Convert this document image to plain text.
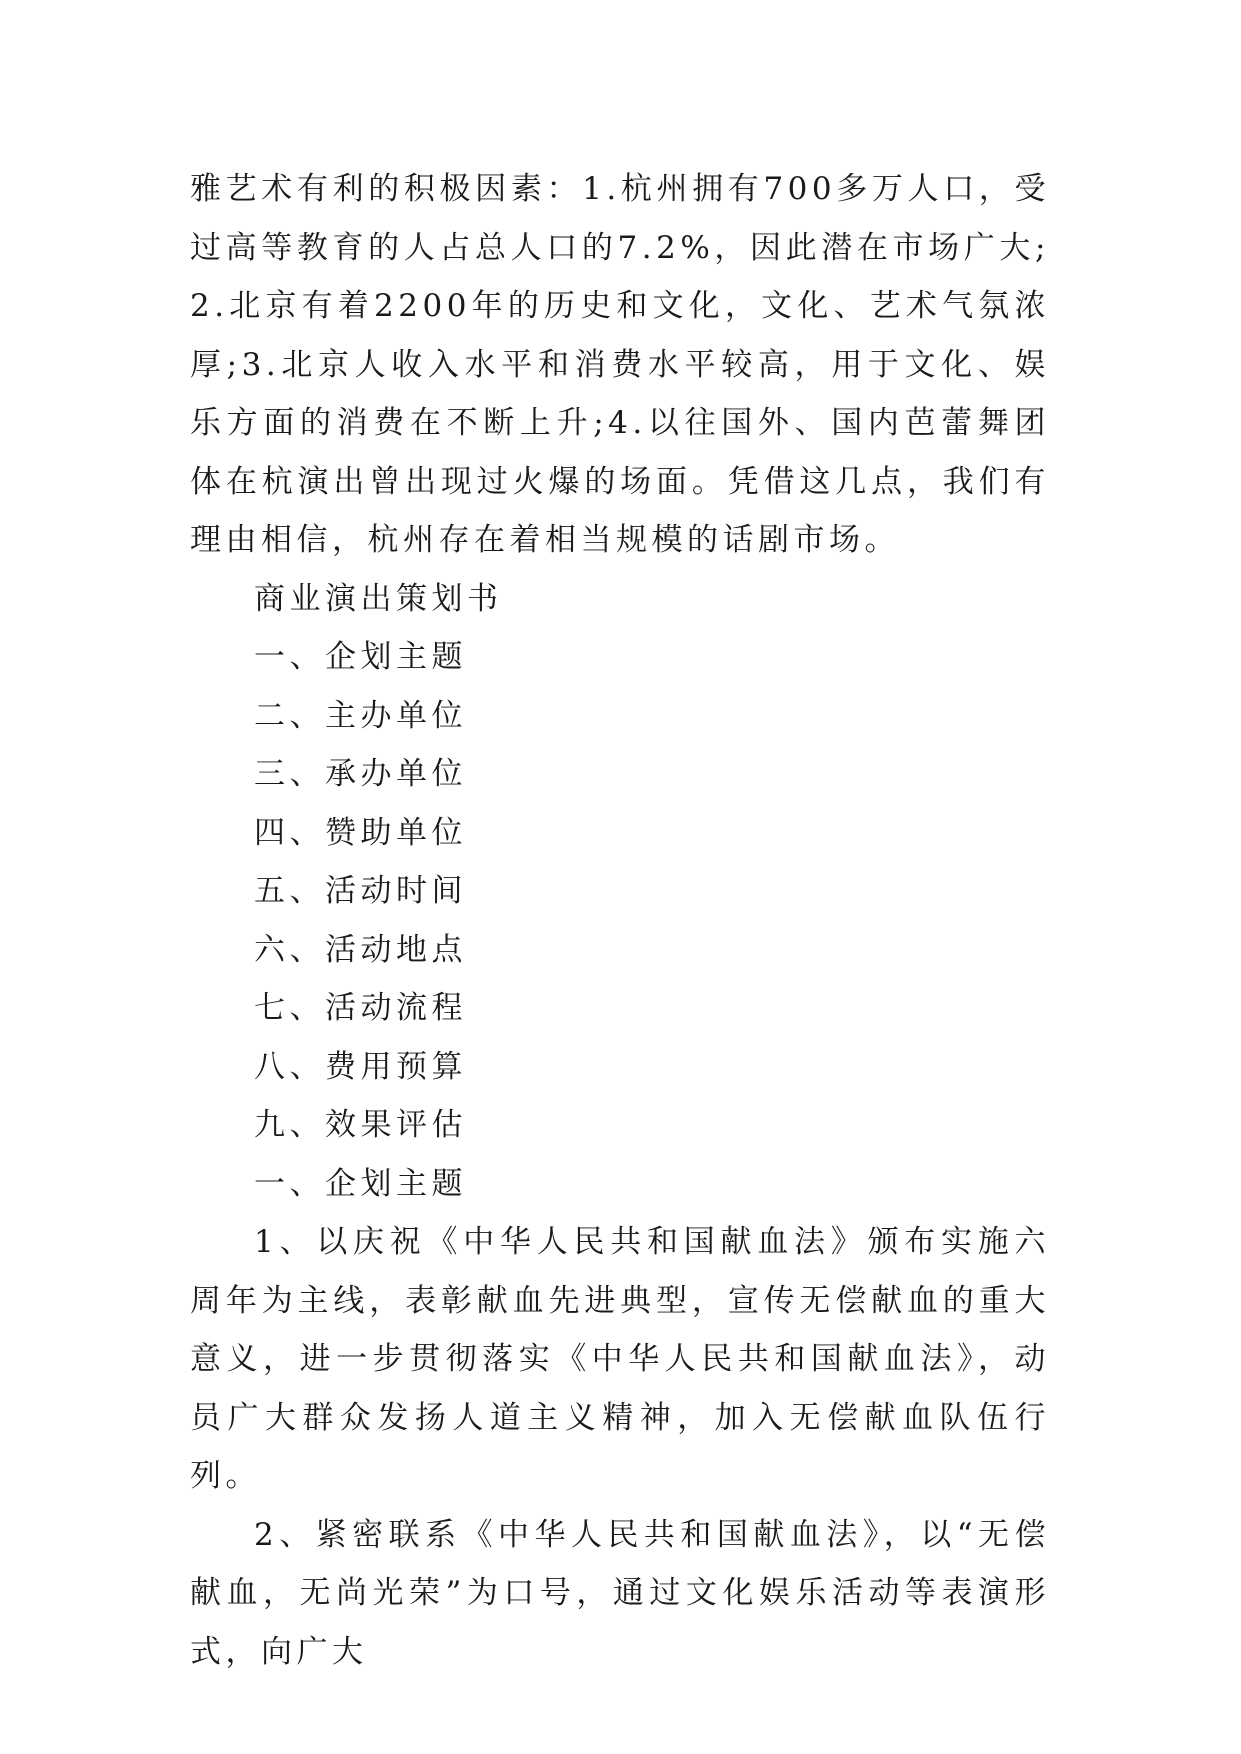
雅艺术有利的积极因素：1.杭州拥有700多万人口，受过高等教育的人占总人口的7.2%，因此潜在市场广大;2.北京有着2200年的历史和文化，文化、艺术气氛浓厚;3.北京人收入水平和消费水平较高，用于文化、娱乐方面的消费在不断上升;4.以往国外、国内芭蕾舞团体在杭演出曾出现过火爆的场面。凭借这几点，我们有理由相信，杭州存在着相当规模的话剧市场。

商业演出策划书

一、企划主题

二、主办单位

三、承办单位

四、赞助单位

五、活动时间

六、活动地点

七、活动流程

八、费用预算

九、效果评估

一、企划主题

1、以庆祝《中华人民共和国献血法》颁布实施六周年为主线，表彰献血先进典型，宣传无偿献血的重大意义，进一步贯彻落实《中华人民共和国献血法》，动员广大群众发扬人道主义精神，加入无偿献血队伍行列。

2、紧密联系《中华人民共和国献血法》，以“无偿献血，无尚光荣”为口号，通过文化娱乐活动等表演形式，向广大
